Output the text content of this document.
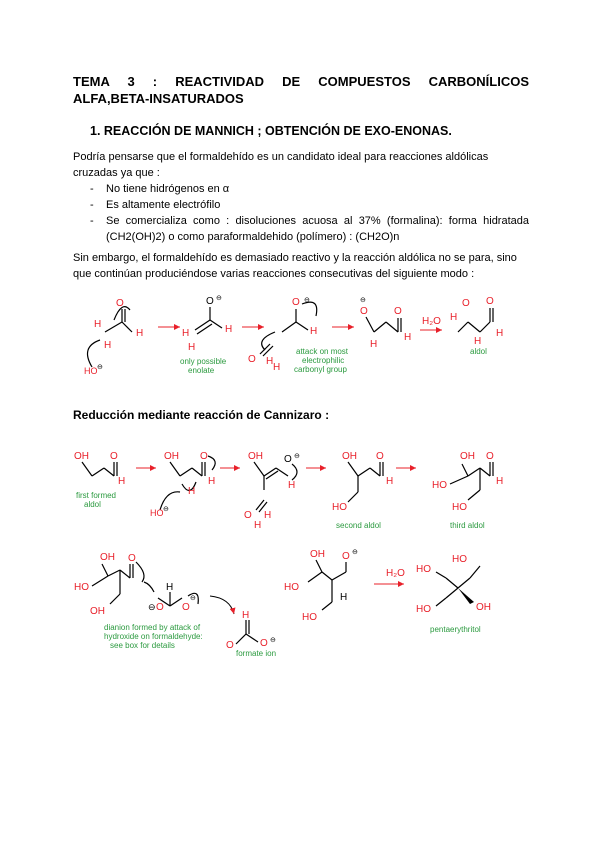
TEMA 3 : REACTIVIDAD DE COMPUESTOS CARBONÍLICOS
ALFA,BETA-INSATURADOS
1. REACCIÓN DE MANNICH ; OBTENCIÓN DE EXO-ENONAS.
Podría pensarse que el formaldehído es un candidato ideal para reacciones aldólicas
cruzadas ya que :
- No tiene hidrógenos en α
- Es altamente electrófilo
- Se comercializa como : disoluciones acuosa al 37% (formalina): forma hidratada
(CH2(OH)2) o como paraformaldehido (polímero) : (CH2O)n
Sin embargo, el formaldehído es demasiado reactivo y la reacción aldólica no se para, sino
que continúan produciéndose varias reacciones consecutivas del siguiente modo :
Reducción mediante reacción de Cannizaro :
H
H
O
H
HO ⊖
H
O ⊖
H
H
only possible
enolate
O ⊖
H
O H
H
attack on most
electrophilic
carbonyl group
O
⊖
H
O
H
H₂O H
O O
H
H
aldol
OH O
H
first formed
aldol
OH O
H
H
HO ⊖
OH O ⊖
H
O H
H
OH O
H
HO
second aldol
OH O
H
HO
HO
third aldol
OH O
HO
OH
H
⊖ O O
⊖
dianion formed by attack of
hydroxide on formaldehyde:
see box for details
H
O	O ⊖
formate ion
OH
HO
HO
O ⊖
H
H₂O
HO
HO
HO	OH
pentaerythritol
